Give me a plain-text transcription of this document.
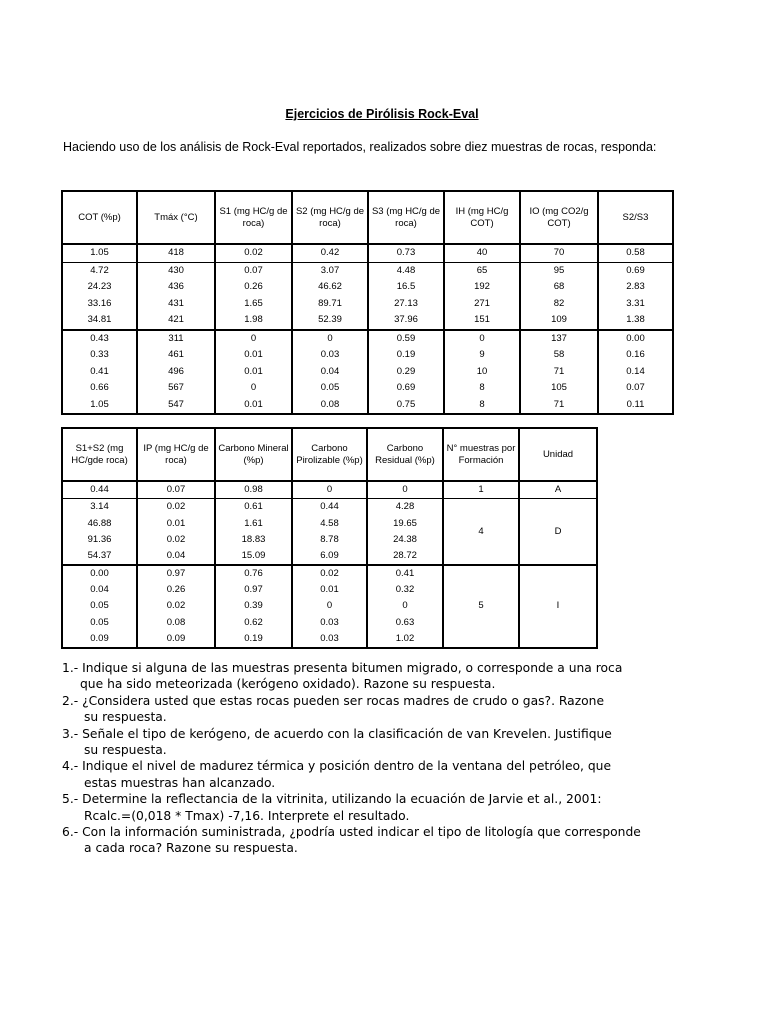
Ejercicios de Pirólisis Rock-Eval
Haciendo uso de los análisis de Rock-Eval reportados, realizados sobre diez muestras de rocas, responda:
COT (%p)	Tmáx (°C)	S1 (mg HC/g de roca)	S2 (mg HC/g de roca)	S3 (mg HC/g de roca)	IH (mg HC/g COT)	IO (mg CO2/g COT)	S2/S3
1.05	418	0.02	0.42	0.73	40	70	0.58
4.72	430	0.07	3.07	4.48	65	95	0.69
24.23	436	0.26	46.62	16.5	192	68	2.83
33.16	431	1.65	89.71	27.13	271	82	3.31
34.81	421	1.98	52.39	37.96	151	109	1.38
0.43	311	0	0	0.59	0	137	0.00
0.33	461	0.01	0.03	0.19	9	58	0.16
0.41	496	0.01	0.04	0.29	10	71	0.14
0.66	567	0	0.05	0.69	8	105	0.07
1.05	547	0.01	0.08	0.75	8	71	0.11
S1+S2 (mg HC/gde roca)	IP (mg HC/g de roca)	Carbono Mineral (%p)	Carbono Pirolizable (%p)	Carbono Residual (%p)	N° muestras por Formación	Unidad
0.44	0.07	0.98	0	0	1	A
3.14	0.02	0.61	0.44	4.28	4	D
46.88	0.01	1.61	4.58	19.65		
91.36	0.02	18.83	8.78	24.38		
54.37	0.04	15.09	6.09	28.72		
0.00	0.97	0.76	0.02	0.41	5	I
0.04	0.26	0.97	0.01	0.32		
0.05	0.02	0.39	0	0		
0.05	0.08	0.62	0.03	0.63		
0.09	0.09	0.19	0.03	1.02		

1.- Indique si alguna de las muestras presenta bitumen migrado, o corresponde a una roca
que ha sido meteorizada (kerógeno oxidado). Razone su respuesta.

2.- ¿Considera usted que estas rocas pueden ser rocas madres de crudo o gas?. Razone
su respuesta.

3.- Señale el tipo de kerógeno, de acuerdo con la clasificación de van Krevelen. Justifique
su respuesta.

4.- Indique el nivel de madurez térmica y posición dentro de la ventana del petróleo, que
estas muestras han alcanzado.

5.- Determine la reflectancia de la vitrinita, utilizando la ecuación de Jarvie et al., 2001:
Rcalc.=(0,018 * Tmax) -7,16. Interprete el resultado.

6.- Con la información suministrada, ¿podría usted indicar el tipo de litología que corresponde
a cada roca? Razone su respuesta.
